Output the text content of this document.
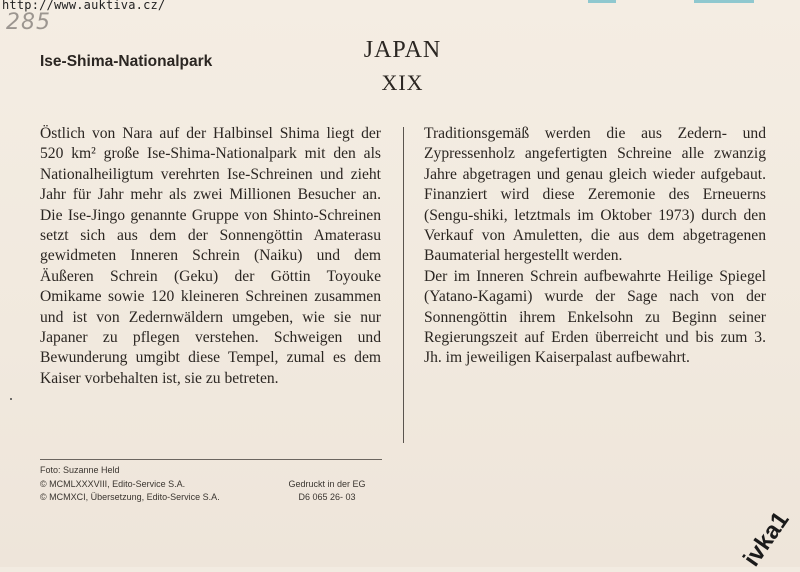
http://www.auktiva.cz/
285
Ise-Shima-Nationalpark	JAPAN
XIX

Östlich von Nara auf der Halbinsel Shima liegt der 520 km² große Ise-Shima-Nationalpark mit den als Nationalheiligtum verehrten Ise-Schreinen und zieht Jahr für Jahr mehr als zwei Millionen Besucher an. Die Ise-Jingo genannte Gruppe von Shinto-Schreinen setzt sich aus dem der Sonnengöttin Amaterasu gewidmeten Inneren Schrein (Naiku) und dem Äußeren Schrein (Geku) der Göttin Toyouke Omikame sowie 120 kleineren Schreinen zusammen und ist von Zedernwäldern umgeben, wie sie nur Japaner zu pflegen verstehen. Schweigen und Bewunderung umgibt diese Tempel, zumal es dem Kaiser vorbehalten ist, sie zu betreten.

Traditionsgemäß werden die aus Zedern- und Zypressenholz angefertigten Schreine alle zwanzig Jahre abgetragen und genau gleich wieder aufgebaut. Finanziert wird diese Zeremonie des Erneuerns (Sengu-shiki, letztmals im Oktober 1973) durch den Verkauf von Amuletten, die aus dem abgetragenen Baumaterial hergestellt werden.

Der im Inneren Schrein aufbewahrte Heilige Spiegel (Yatano-Kagami) wurde der Sage nach von der Sonnengöttin ihrem Enkelsohn zu Beginn seiner Regierungszeit auf Erden überreicht und bis zum 3. Jh. im jeweiligen Kaiserpalast aufbewahrt.

Foto: Suzanne Held
© MCMLXXXVIII, Edito-Service S.A.	Gedruckt in der EG
© MCMXCI, Übersetzung, Edito-Service S.A.	D6 065 26- 03
ivka1
